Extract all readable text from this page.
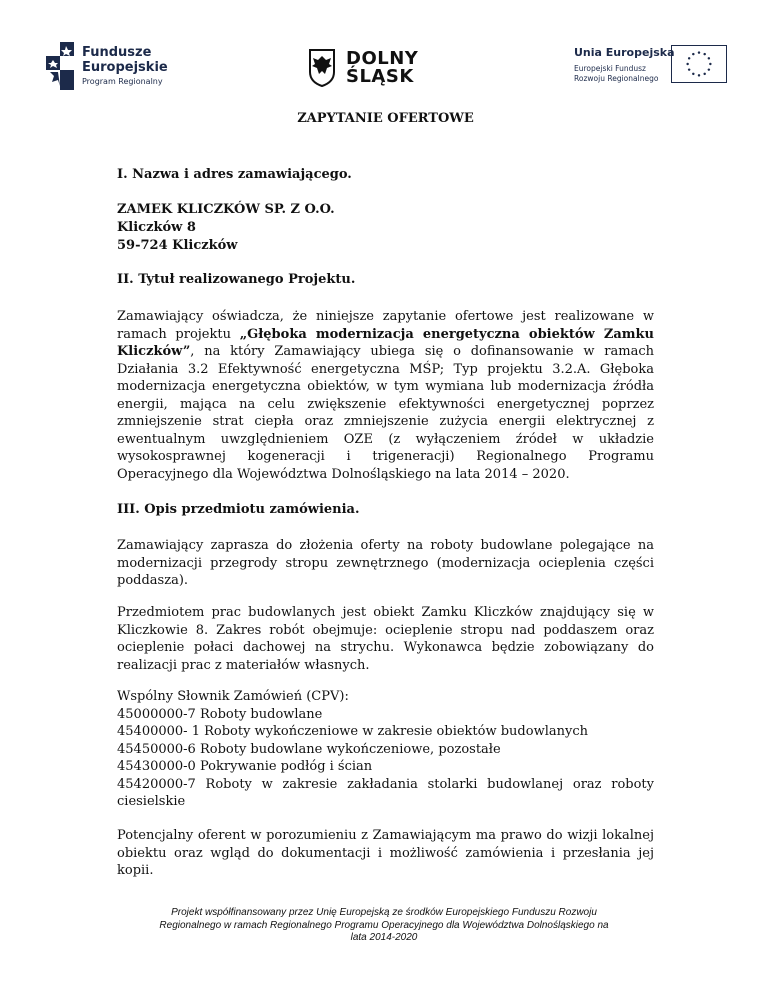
Fundusze
Europejskie
Program Regionalny
DOLNY
ŚLĄSK
Unia Europejska
Europejski Fundusz
Rozwoju Regionalnego
ZAPYTANIE OFERTOWE

I. Nazwa i adres zamawiającego.

ZAMEK KLICZKÓW SP. Z O.O.

Kliczków 8

59-724 Kliczków

II. Tytuł realizowanego Projektu.

Zamawiający oświadcza, że niniejsze zapytanie ofertowe jest realizowane w ramach projektu „Głęboka modernizacja energetyczna obiektów Zamku Kliczków”, na który Zamawiający ubiega się o dofinansowanie w ramach Działania 3.2 Efektywność energetyczna MŚP; Typ projektu 3.2.A. Głęboka modernizacja energetyczna obiektów, w tym wymiana lub modernizacja źródła energii, mająca na celu zwiększenie efektywności energetycznej poprzez zmniejszenie strat ciepła oraz zmniejszenie zużycia energii elektrycznej z ewentualnym uwzględnieniem OZE (z wyłączeniem źródeł w układzie wysokosprawnej kogeneracji i trigeneracji) Regionalnego Programu Operacyjnego dla Województwa Dolnośląskiego na lata 2014 – 2020.

III. Opis przedmiotu zamówienia.

Zamawiający zaprasza do złożenia oferty na roboty budowlane polegające na modernizacji przegrody stropu zewnętrznego (modernizacja ocieplenia części poddasza).

Przedmiotem prac budowlanych jest obiekt Zamku Kliczków znajdujący się w Kliczkowie 8. Zakres robót obejmuje: ocieplenie stropu nad poddaszem oraz ocieplenie połaci dachowej na strychu. Wykonawca będzie zobowiązany do realizacji prac z materiałów własnych.

Wspólny Słownik Zamówień (CPV):

45000000-7 Roboty budowlane

45400000- 1 Roboty wykończeniowe w zakresie obiektów budowlanych

45450000-6 Roboty budowlane wykończeniowe, pozostałe

45430000-0 Pokrywanie podłóg i ścian

45420000-7 Roboty w zakresie zakładania stolarki budowlanej oraz roboty ciesielskie

Potencjalny oferent w porozumieniu z Zamawiającym ma prawo do wizji lokalnej obiektu oraz wgląd do dokumentacji i możliwość zamówienia i przesłania jej kopii.

Projekt współfinansowany przez Unię Europejską ze środków Europejskiego Funduszu Rozwoju
Regionalnego w ramach Regionalnego Programu Operacyjnego dla Województwa Dolnośląskiego na
lata 2014-2020
